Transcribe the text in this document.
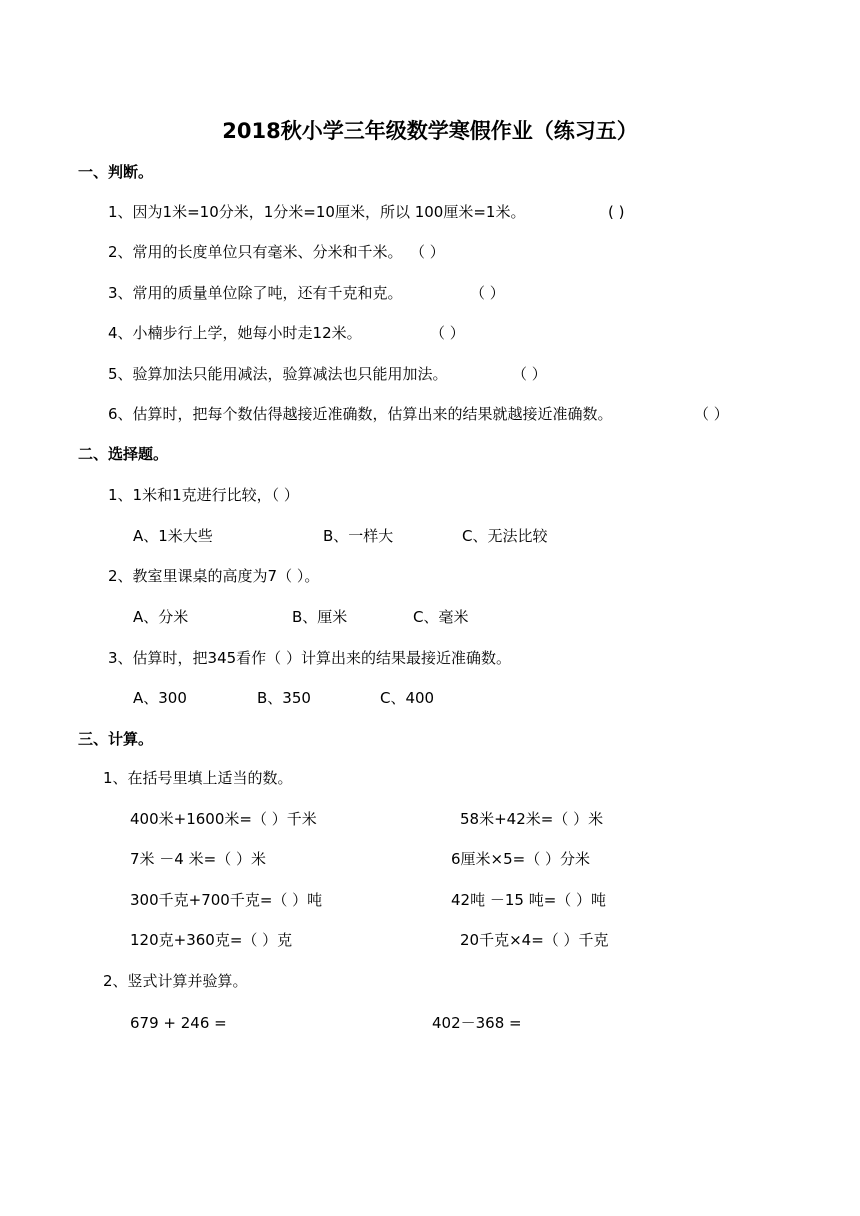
2018秋小学三年级数学寒假作业（练习五）
一、判断。
1、因为1米=10分米，1分米=10厘米，所以 100厘米=1米。	( )
2、常用的长度单位只有毫米、分米和千米。 （ ）
3、常用的质量单位除了吨，还有千克和克。	（ ）
4、小楠步行上学，她每小时走12米。	（ ）
5、验算加法只能用减法，验算减法也只能用加法。	（ ）
6、估算时，把每个数估得越接近准确数，估算出来的结果就越接近准确数。	（ ）
二、选择题。
1、1米和1克进行比较，（ ）
A、1米大些	B、一样大	C、无法比较
2、教室里课桌的高度为7（ ）。
A、分米	B、厘米	C、毫米
3、估算时，把345看作（ ）计算出来的结果最接近准确数。
A、300	B、350	C、400
三、计算。
1、在括号里填上适当的数。
400米+1600米=（ ）千米	58米+42米=（ ）米
7米 －4 米=（ ）米	6厘米×5=（ ）分米
300千克+700千克=（ ）吨	42吨 －15 吨=（ ）吨
120克+360克=（ ）克	20千克×4=（ ）千克
2、竖式计算并验算。
679 + 246 =	402－368 =
